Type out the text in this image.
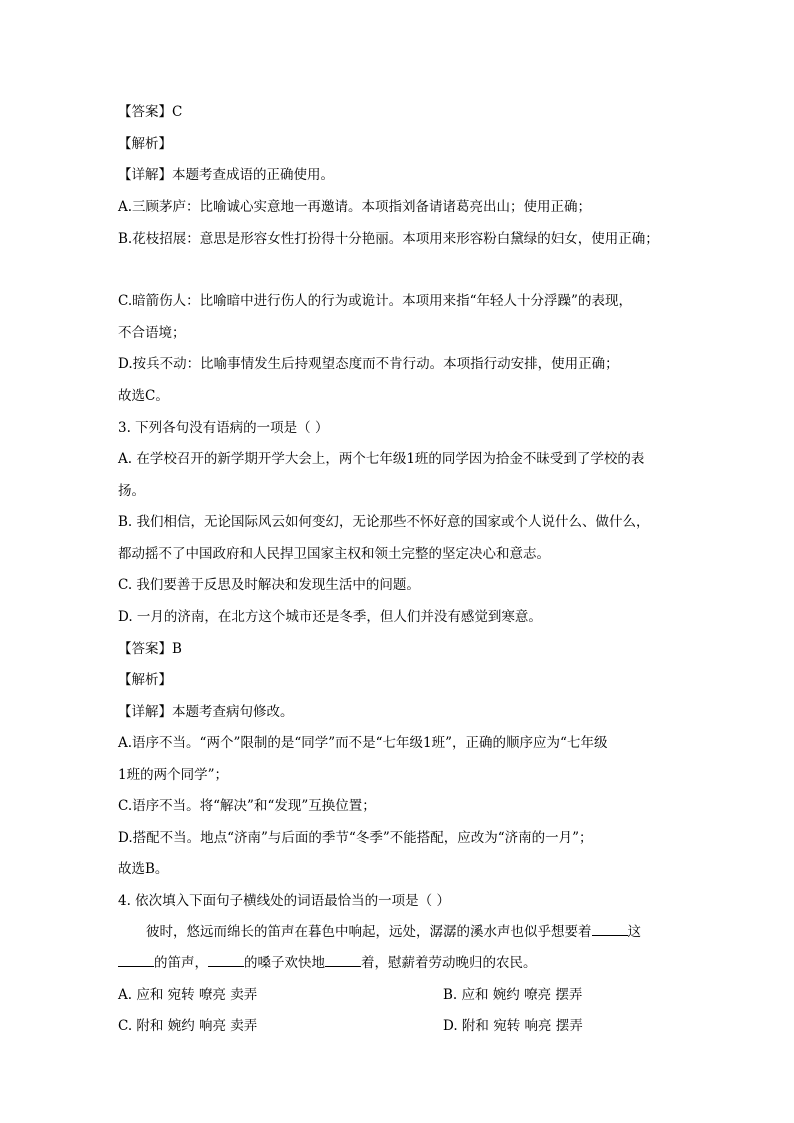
【答案】C
【解析】
【详解】本题考查成语的正确使用。
A.三顾茅庐：比喻诚心实意地一再邀请。本项指刘备请诸葛亮出山；使用正确；
B.花枝招展：意思是形容女性打扮得十分艳丽。本项用来形容粉白黛绿的妇女，使用正确；
C.暗箭伤人：比喻暗中进行伤人的行为或诡计。本项用来指“年轻人十分浮躁”的表现，
不合语境；
D.按兵不动：比喻事情发生后持观望态度而不肯行动。本项指行动安排，使用正确；
故选C。
3. 下列各句没有语病的一项是（ ）
A. 在学校召开的新学期开学大会上，两个七年级1班的同学因为拾金不昧受到了学校的表
扬。
B. 我们相信，无论国际风云如何变幻，无论那些不怀好意的国家或个人说什么、做什么，
都动摇不了中国政府和人民捍卫国家主权和领土完整的坚定决心和意志。
C. 我们要善于反思及时解决和发现生活中的问题。
D. 一月的济南，在北方这个城市还是冬季，但人们并没有感觉到寒意。
【答案】B
【解析】
【详解】本题考查病句修改。
A.语序不当。“两个”限制的是“同学”而不是“七年级1班”，正确的顺序应为“七年级
1班的两个同学”；
C.语序不当。将“解决”和“发现”互换位置；
D.搭配不当。地点“济南”与后面的季节“冬季”不能搭配，应改为“济南的一月”；
故选B。
4. 依次填入下面句子横线处的词语最恰当的一项是（ ）
彼时，悠远而绵长的笛声在暮色中响起，远处，潺潺的溪水声也似乎想要着	这
的笛声，	的嗓子欢快地	着，慰薪着劳动晚归的农民。
A. 应和 宛转 嘹亮 卖弄	B. 应和 婉约 嘹亮 摆弄
C. 附和 婉约 响亮 卖弄	D. 附和 宛转 响亮 摆弄
